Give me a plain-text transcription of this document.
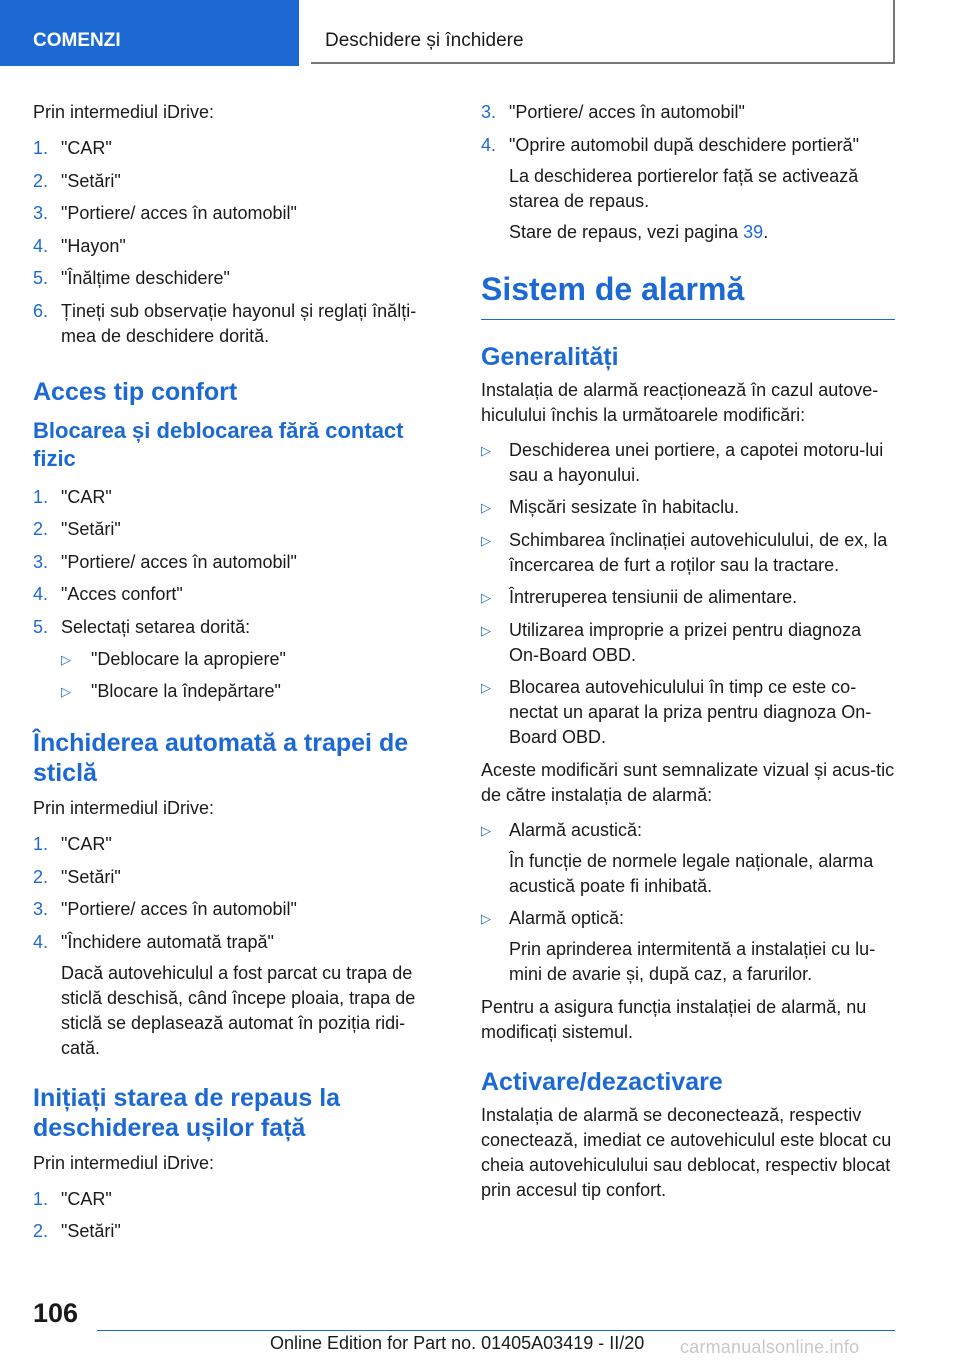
COMENZI	Deschidere și închidere

Prin intermediul iDrive:

1. "CAR"
2. "Setări"
3. "Portiere/ acces în automobil"
4. "Hayon"
5. "Înălțime deschidere"
6. Țineți sub observație hayonul și reglați înălți-mea de deschidere dorită.
Acces tip confort
Blocarea și deblocarea fără contact fizic
1. "CAR"
2. "Setări"
3. "Portiere/ acces în automobil"
4. "Acces confort"
5. Selectați setarea dorită:
▷ "Deblocare la apropiere"
▷ "Blocare la îndepărtare"
Închiderea automată a trapei de sticlă

Prin intermediul iDrive:

1. "CAR"
2. "Setări"
3. "Portiere/ acces în automobil"
4. "Închidere automată trapă"
Dacă autovehiculul a fost parcat cu trapa de sticlă deschisă, când începe ploaia, trapa de sticlă se deplasează automat în poziția ridi-cată.
Inițiați starea de repaus la deschiderea ușilor față

Prin intermediul iDrive:

1. "CAR"
2. "Setări"
3. "Portiere/ acces în automobil"
4. "Oprire automobil după deschidere portieră"
La deschiderea portierelor față se activează starea de repaus.
Stare de repaus, vezi pagina 39.
Sistem de alarmă
Generalități

Instalația de alarmă reacționează în cazul autove-hiculului închis la următoarele modificări:

▷ Deschiderea unei portiere, a capotei motoru-lui sau a hayonului.
▷ Mișcări sesizate în habitaclu.
▷ Schimbarea înclinației autovehiculului, de ex, la încercarea de furt a roților sau la tractare.
▷ Întreruperea tensiunii de alimentare.
▷ Utilizarea improprie a prizei pentru diagnoza On-Board OBD.
▷ Blocarea autovehiculului în timp ce este co-nectat un aparat la priza pentru diagnoza On-Board OBD.

Aceste modificări sunt semnalizate vizual și acus-tic de către instalația de alarmă:

▷ Alarmă acustică:
În funcție de normele legale naționale, alarma acustică poate fi inhibată.
▷ Alarmă optică:
Prin aprinderea intermitentă a instalației cu lu-mini de avarie și, după caz, a farurilor.

Pentru a asigura funcția instalației de alarmă, nu modificați sistemul.

Activare/dezactivare

Instalația de alarmă se deconectează, respectiv conectează, imediat ce autovehiculul este blocat cu cheia autovehiculului sau deblocat, respectiv blocat prin accesul tip confort.

106
Online Edition for Part no. 01405A03419 - II/20 carmanualsonline.info
